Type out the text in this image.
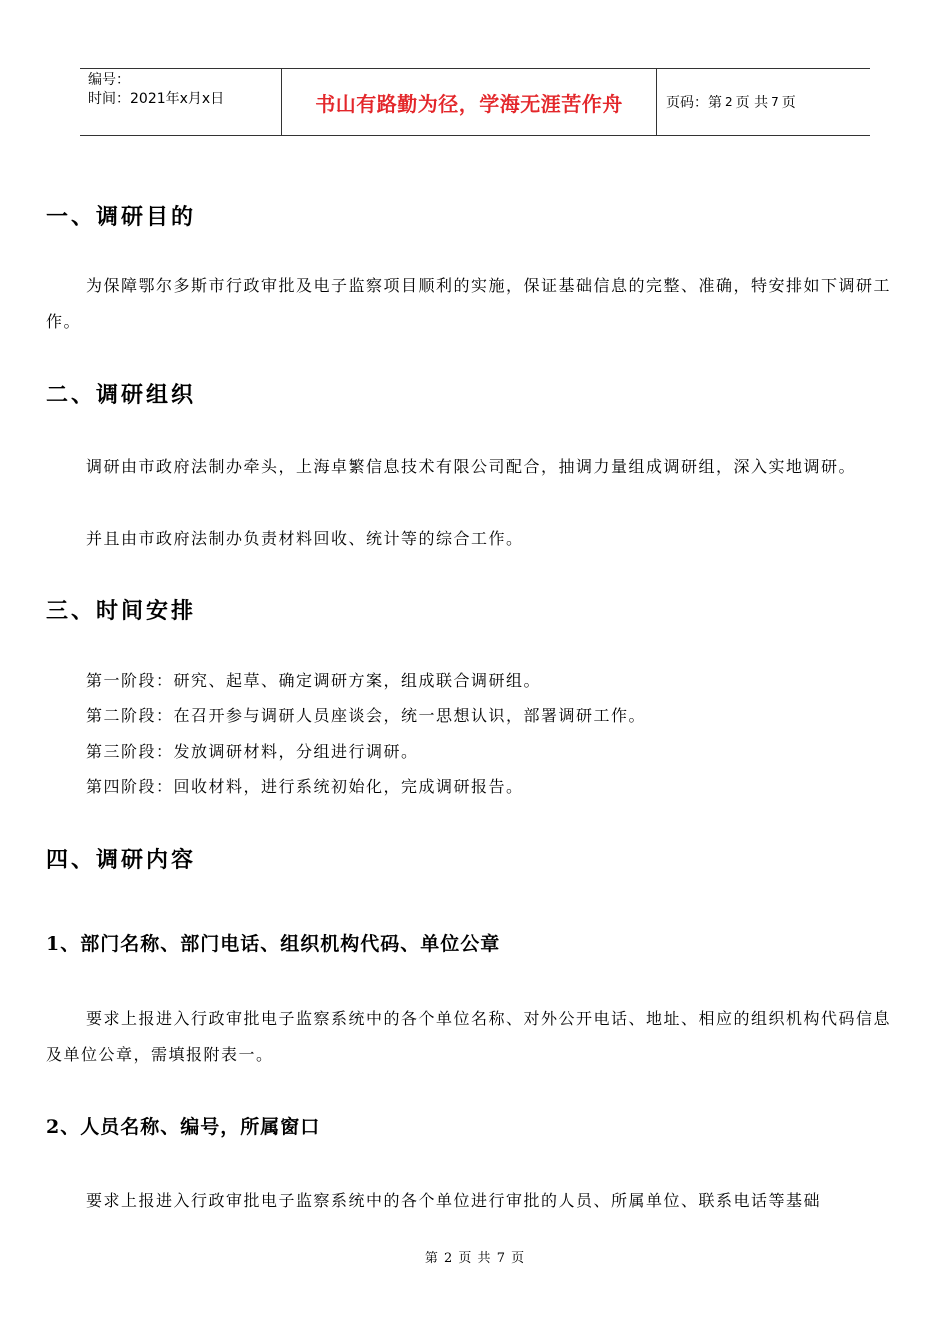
编号：
时间：2021年x月x日	书山有路勤为径，学海无涯苦作舟	页码：第 2 页 共 7 页
一、调研目的
为保障鄂尔多斯市行政审批及电子监察项目顺利的实施，保证基础信息的完整、准确，特安排如下调研工作。
二、调研组织
调研由市政府法制办牵头，上海卓繁信息技术有限公司配合，抽调力量组成调研组，深入实地调研。
并且由市政府法制办负责材料回收、统计等的综合工作。
三、时间安排
第一阶段：研究、起草、确定调研方案，组成联合调研组。
第二阶段：在召开参与调研人员座谈会，统一思想认识，部署调研工作。
第三阶段：发放调研材料，分组进行调研。
第四阶段：回收材料，进行系统初始化，完成调研报告。
四、调研内容
1、部门名称、部门电话、组织机构代码、单位公章
要求上报进入行政审批电子监察系统中的各个单位名称、对外公开电话、地址、相应的组织机构代码信息及单位公章，需填报附表一。
2、人员名称、编号，所属窗口
要求上报进入行政审批电子监察系统中的各个单位进行审批的人员、所属单位、联系电话等基础
第 2 页 共 7 页
